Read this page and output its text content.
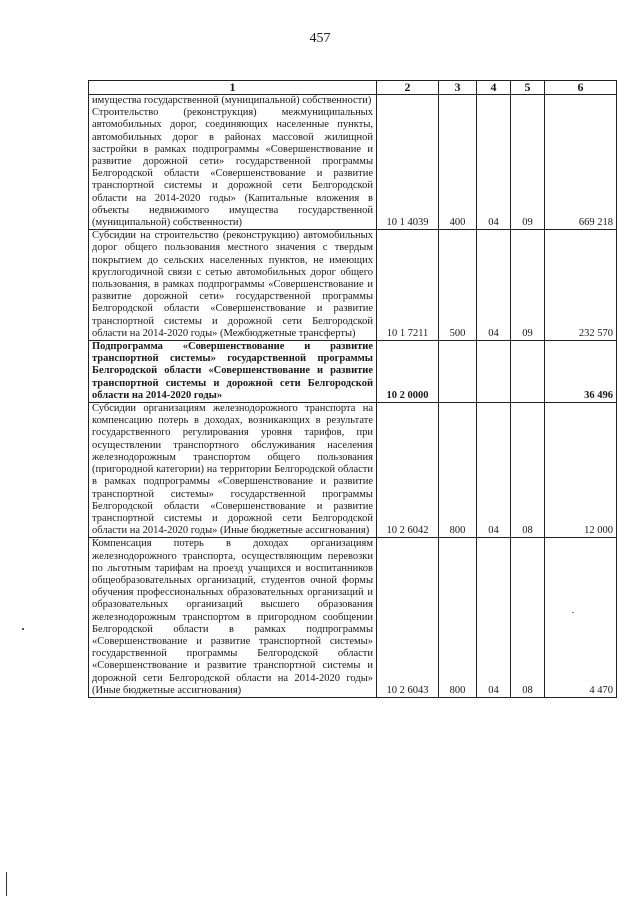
457
1	2	3	4	5	6

имущества государственной (муниципальной) собственности)

Строительство (реконструкция) межмуниципальных автомобильных дорог, соединяющих населенные пункты, автомобильных дорог в районах массовой жилищной застройки в рамках подпрограммы «Совершенствование и развитие дорожной сети» государственной программы Белгородской области «Совершенствование и развитие транспортной системы и дорожной сети Белгородской области на 2014-2020 годы» (Капитальные вложения в объекты недвижимого имущества государственной (муниципальной) собственности)	10 1 4039	400	04	09	669 218

Субсидии на строительство (реконструкцию) автомобильных дорог общего пользования местного значения с твердым покрытием до сельских населенных пунктов, не имеющих круглогодичной связи с сетью автомобильных дорог общего пользования, в рамках подпрограммы «Совершенствование и развитие дорожной сети» государственной программы Белгородской области «Совершенствование и развитие транспортной системы и дорожной сети Белгородской области на 2014-2020 годы» (Межбюджетные трансферты)	10 1 7211	500	04	09	232 570

Подпрограмма «Совершенствование и развитие транспортной системы» государственной программы Белгородской области «Совершенствование и развитие транспортной системы и дорожной сети Белгородской области на 2014-2020 годы»	10 2 0000				36 496

Субсидии организациям железнодорожного транспорта на компенсацию потерь в доходах, возникающих в результате государственного регулирования уровня тарифов, при осуществлении транспортного обслуживания населения железнодорожным транспортом общего пользования (пригородной категории) на территории Белгородской области в рамках подпрограммы «Совершенствование и развитие транспортной системы» государственной программы Белгородской области «Совершенствование и развитие транспортной системы и дорожной сети Белгородской области на 2014-2020 годы» (Иные бюджетные ассигнования)	10 2 6042	800	04	08	12 000

Компенсация потерь в доходах организациям железнодорожного транспорта, осуществляющим перевозки по льготным тарифам на проезд учащихся и воспитанников общеобразовательных организаций, студентов очной формы обучения профессиональных образовательных организаций и образовательных организаций высшего образования железнодорожным транспортом в пригородном сообщении Белгородской области в рамках подпрограммы «Совершенствование и развитие транспортной системы» государственной программы Белгородской области «Совершенствование и развитие транспортной системы и дорожной сети Белгородской области на 2014-2020 годы» (Иные бюджетные ассигнования)	10 2 6043	800	04	08	4 470
